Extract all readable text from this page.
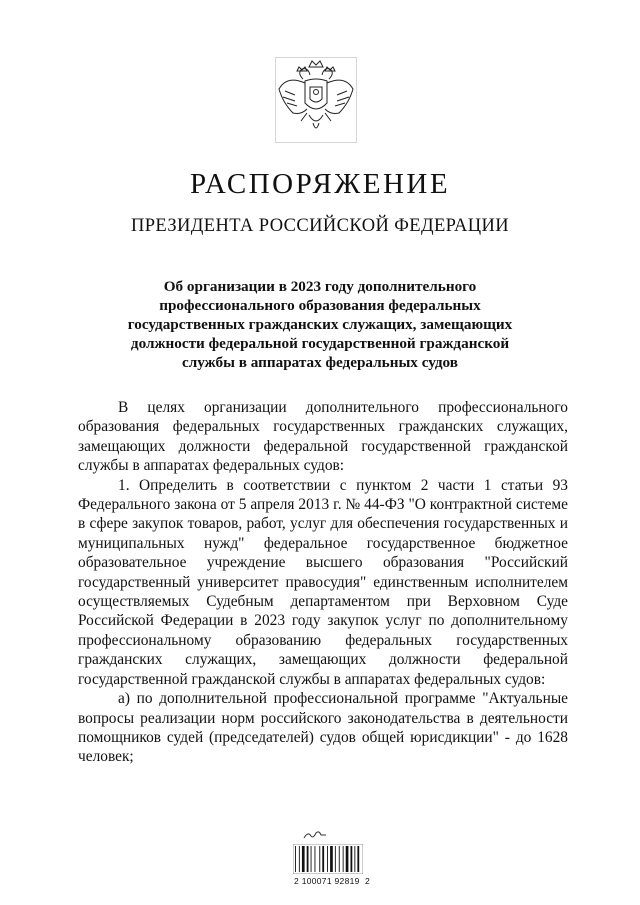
РАСПОРЯЖЕНИЕ
ПРЕЗИДЕНТА РОССИЙСКОЙ ФЕДЕРАЦИИ
Об организации в 2023 году дополнительного
профессионального образования федеральных
государственных гражданских служащих, замещающих
должности федеральной государственной гражданской
службы в аппаратах федеральных судов

В целях организации дополнительного профессионального образования федеральных государственных гражданских служащих, замещающих должности федеральной государственной гражданской службы в аппаратах федеральных судов:

1. Определить в соответствии с пунктом 2 части 1 статьи 93 Федерального закона от 5 апреля 2013 г. № 44-ФЗ "О контрактной системе в сфере закупок товаров, работ, услуг для обеспечения государственных и муниципальных нужд" федеральное государственное бюджетное образовательное учреждение высшего образования "Российский государственный университет правосудия" единственным исполнителем осуществляемых Судебным департаментом при Верховном Суде Российской Федерации в 2023 году закупок услуг по дополнительному профессиональному образованию федеральных государственных гражданских служащих, замещающих должности федеральной государственной гражданской службы в аппаратах федеральных судов:

а) по дополнительной профессиональной программе "Актуальные вопросы реализации норм российского законодательства в деятельности помощников судей (председателей) судов общей юрисдикции" - до 1628 человек;

2 100071 92819  2
